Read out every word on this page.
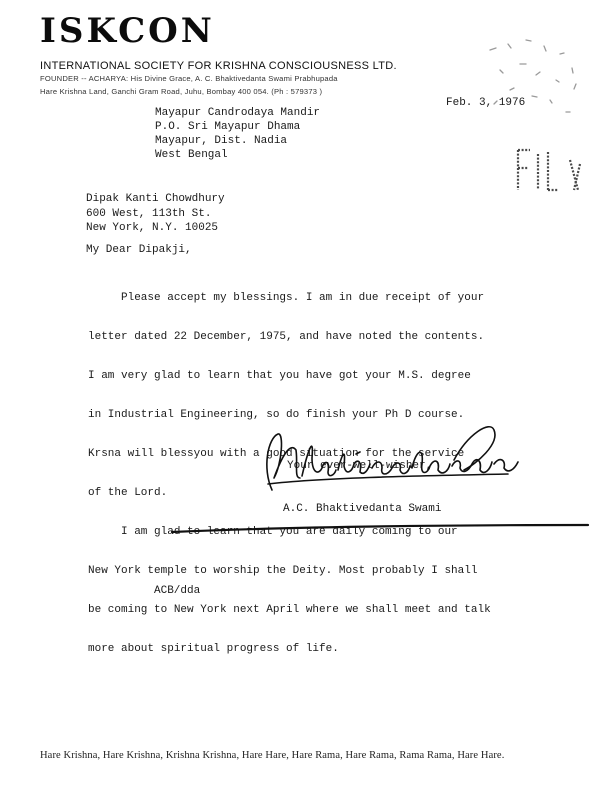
ISKCON
INTERNATIONAL SOCIETY FOR KRISHNA CONSCIOUSNESS LTD.
FOUNDER -- ACHARYA: His Divine Grace, A. C. Bhaktivedanta Swami Prabhupada
Hare Krishna Land, Ganchi Gram Road, Juhu, Bombay 400 054. (Ph : 579373 )
Feb. 3, 1976
Mayapur Candrodaya Mandir
P.O. Sri Mayapur Dhama
Mayapur, Dist. Nadia
West Bengal
Dipak Kanti Chowdhury
600 West, 113th St.
New York, N.Y. 10025
My Dear Dipakji,

Please accept my blessings. I am in due receipt of your

letter dated 22 December, 1975, and have noted the contents.

I am very glad to learn that you have got your M.S. degree

in Industrial Engineering, so do finish your Ph D course.

Krsna will blessyou with a good situation for the service

of the Lord.

I am glad to learn that you are daily coming to our

New York temple to worship the Deity. Most probably I shall

be coming to New York next April where we shall meet and talk

more about spiritual progress of life.

Your ever-well-wisher,
A.C. Bhaktivedanta Swami
ACB/dda
Hare Krishna, Hare Krishna, Krishna Krishna, Hare Hare, Hare Rama, Hare Rama, Rama Rama, Hare Hare.
